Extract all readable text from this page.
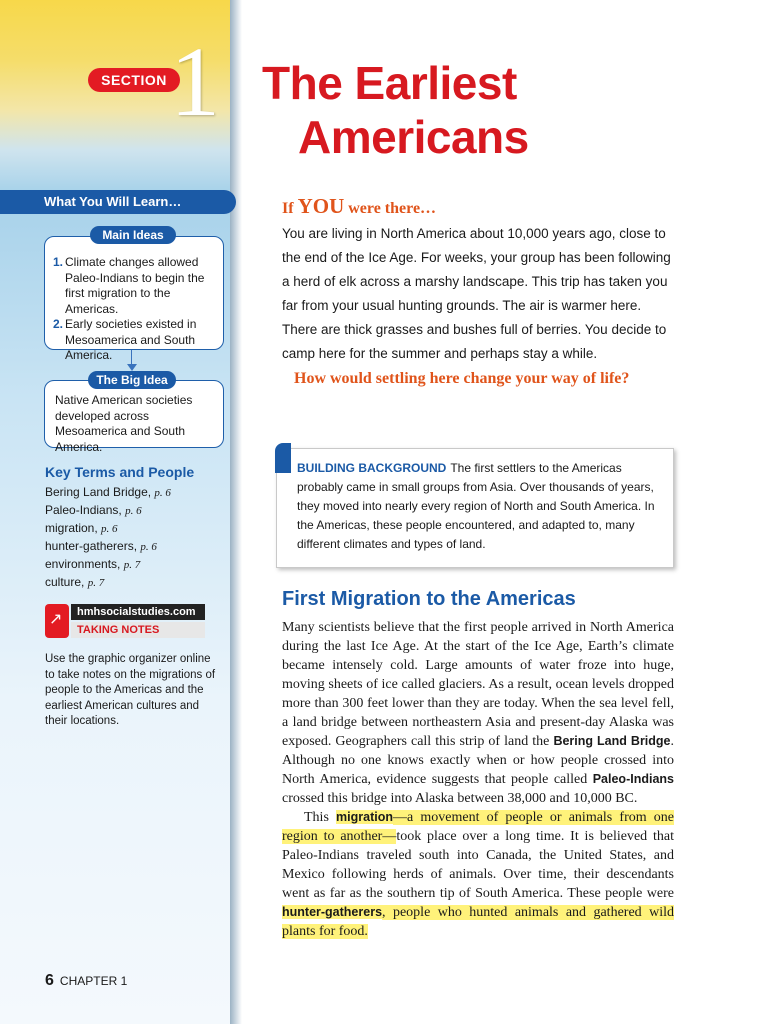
SECTION 1 The Earliest
Americans
What You Will Learn…
1. Climate changes allowed Paleo-Indians to begin the first migration to the Americas.
2. Early societies existed in Mesoamerica and South America.
Main Ideas
Native American societies developed across Mesoamerica and South America.
The Big Idea
Key Terms and People
Bering Land Bridge, p. 6
Paleo-Indians, p. 6
migration, p. 6
hunter-gatherers, p. 6
environments, p. 7
culture, p. 7
↗	hmhsocialstudies.com
TAKING NOTES
Use the graphic organizer online to take notes on the migrations of people to the Americas and the earliest American cultures and their locations.
If YOU were there…
You are living in North America about 10,000 years ago, close to the end of the Ice Age. For weeks, your group has been following a herd of elk across a marshy landscape. This trip has taken you far from your usual hunting grounds. The air is warmer here. There are thick grasses and bushes full of berries. You decide to camp here for the summer and perhaps stay a while.
How would settling here change your way of life?
BUILDING BACKGROUND The first settlers to the Americas probably came in small groups from Asia. Over thousands of years, they moved into nearly every region of North and South America. In the Americas, these people encountered, and adapted to, many different climates and types of land.
First Migration to the Americas

Many scientists believe that the first people arrived in North America during the last Ice Age. At the start of the Ice Age, Earth’s climate became intensely cold. Large amounts of water froze into huge, moving sheets of ice called glaciers. As a result, ocean levels dropped more than 300 feet lower than they are today. When the sea level fell, a land bridge between northeastern Asia and present-day Alaska was exposed. Geographers call this strip of land the Bering Land Bridge. Although no one knows exactly when or how people crossed into North America, evidence suggests that people called Paleo-Indians crossed this bridge into Alaska between 38,000 and 10,000 BC.

This migration—a movement of people or animals from one region to another—took place over a long time. It is believed that Paleo-Indians traveled south into Canada, the United States, and Mexico following herds of animals. Over time, their descendants went as far as the southern tip of South America. These people were hunter-gatherers, people who hunted animals and gathered wild plants for food.

6 CHAPTER 1
